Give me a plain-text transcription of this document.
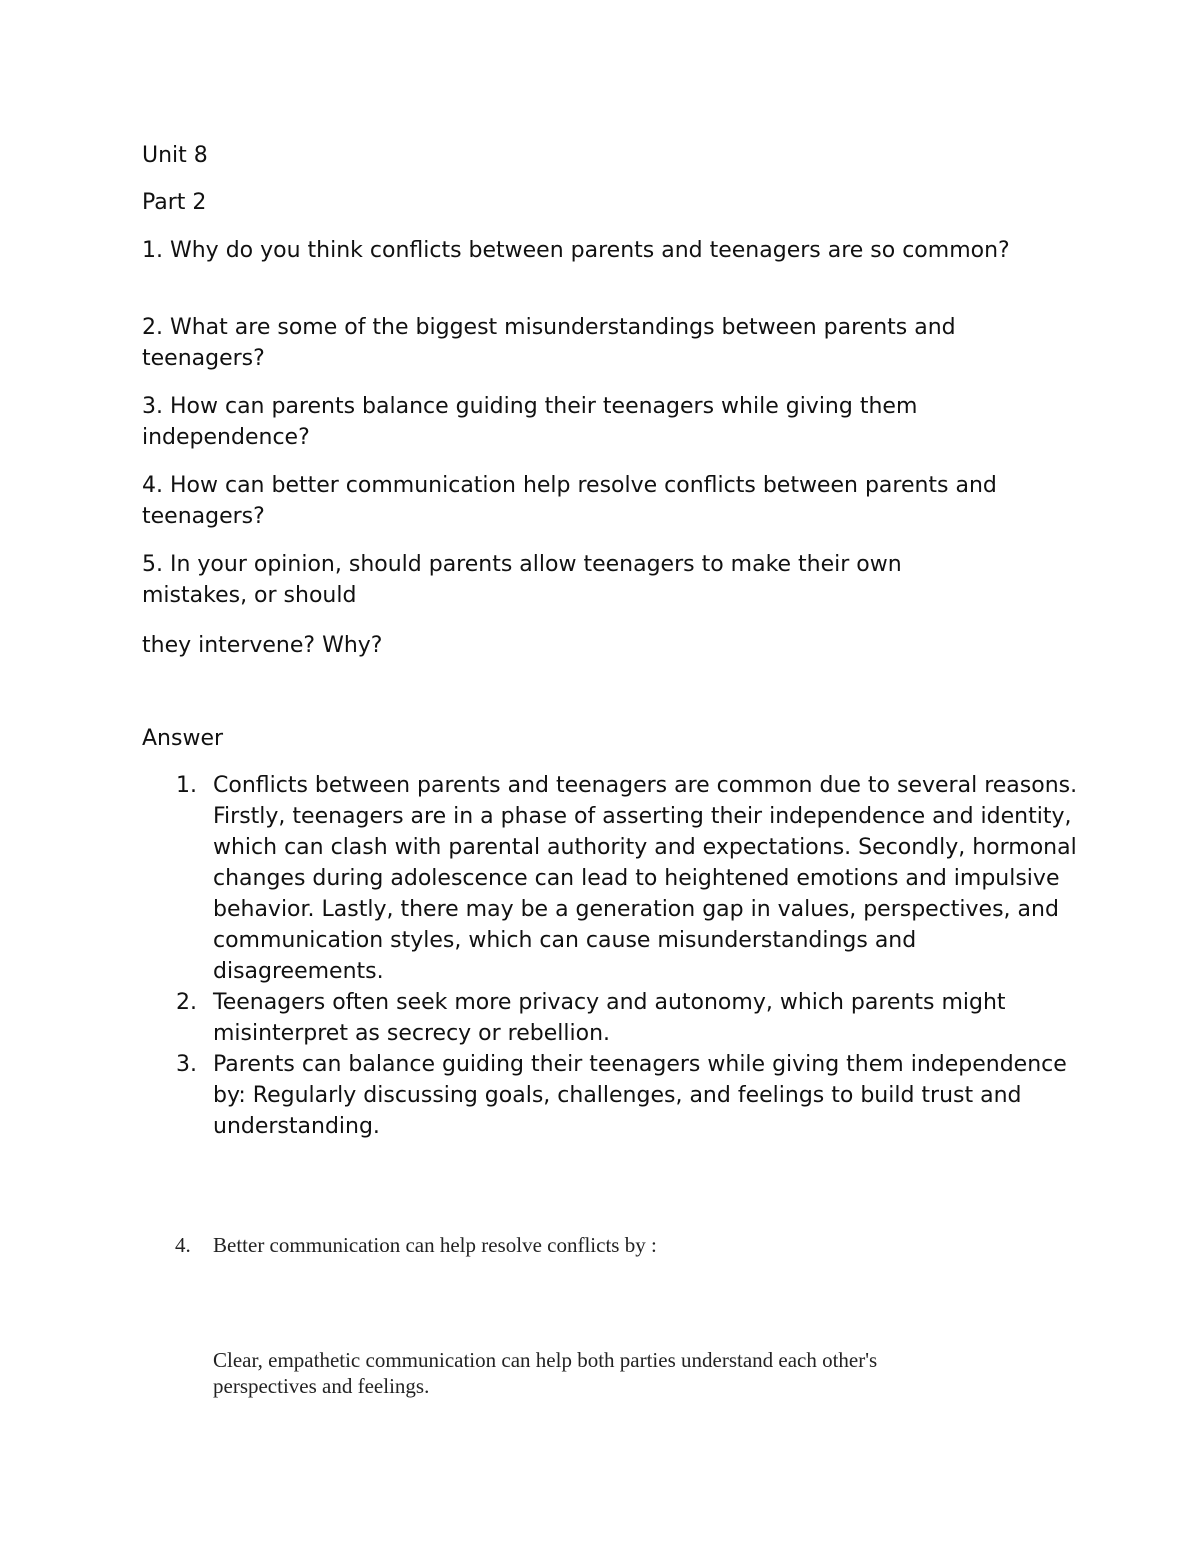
Unit 8

Part 2

1. Why do you think conflicts between parents and teenagers are so common?

2. What are some of the biggest misunderstandings between parents and teenagers?

3. How can parents balance guiding their teenagers while giving them independence?

4. How can better communication help resolve conflicts between parents and teenagers?

5. In your opinion, should parents allow teenagers to make their own mistakes, or should

they intervene? Why?

Answer

1. Conflicts between parents and teenagers are common due to several reasons. Firstly, teenagers are in a phase of asserting their independence and identity, which can clash with parental authority and expectations. Secondly, hormonal changes during adolescence can lead to heightened emotions and impulsive behavior. Lastly, there may be a generation gap in values, perspectives, and communication styles, which can cause misunderstandings and disagreements.
2. Teenagers often seek more privacy and autonomy, which parents might misinterpret as secrecy or rebellion.
3. Parents can balance guiding their teenagers while giving them independence by: Regularly discussing goals, challenges, and feelings to build trust and understanding.
4. Better communication can help resolve conflicts by :

Clear, empathetic communication can help both parties understand each other's perspectives and feelings.
